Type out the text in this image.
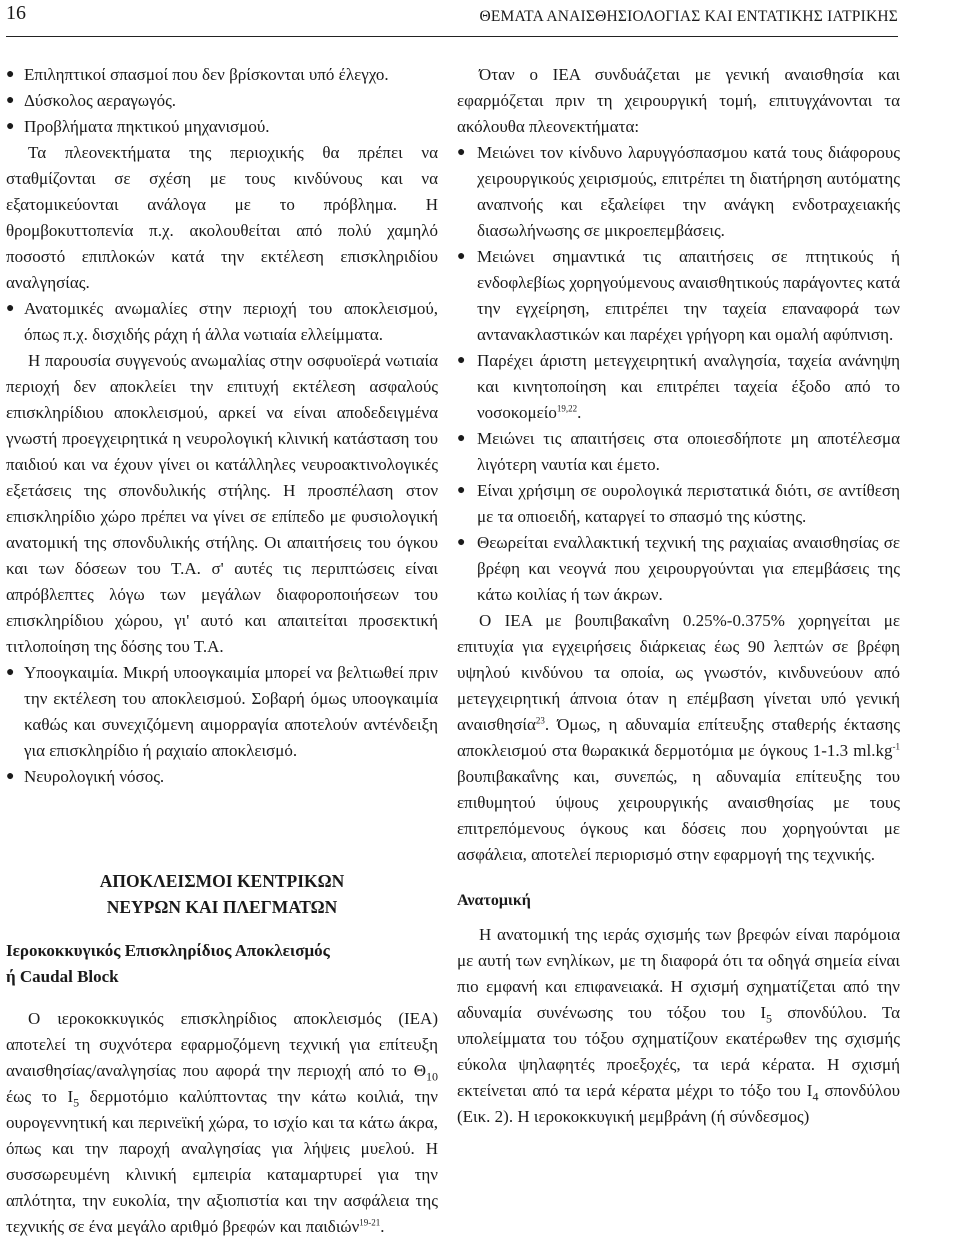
16	ΘΕΜΑΤΑ ΑΝΑΙΣΘΗΣΙΟΛΟΓΙΑΣ ΚΑΙ ΕΝΤΑΤΙΚΗΣ ΙΑΤΡΙΚΗΣ
● Επιληπτικοί σπασμοί που δεν βρίσκονται υπό έλεγχο.
● Δύσκολος αεραγωγός.
● Προβλήματα πηκτικού μηχανισμού.

Τα πλεονεκτήματα της περιοχικής θα πρέπει να σταθμίζονται σε σχέση με τους κινδύνους και να εξατομικεύονται ανάλογα με το πρόβλημα. Η θρομβοκυττοπενία π.χ. ακολουθείται από πολύ χαμηλό ποσοστό επιπλοκών κατά την εκτέλεση επισκληριδίου αναλγησίας.

● Ανατομικές ανωμαλίες στην περιοχή του αποκλεισμού, όπως π.χ. δισχιδής ράχη ή άλλα νωτιαία ελλείμματα.

Η παρουσία συγγενούς ανωμαλίας στην οσφυοϊερά νωτιαία περιοχή δεν αποκλείει την επιτυχή εκτέλεση ασφαλούς επισκληρίδιου αποκλεισμού, αρκεί να είναι αποδεδειγμένα γνωστή προεγχειρητικά η νευρολογική κλινική κατάσταση του παιδιού και να έχουν γίνει οι κατάλληλες νευροακτινολογικές εξετάσεις της σπονδυλικής στήλης. Η προσπέλαση στον επισκληρίδιο χώρο πρέπει να γίνει σε επίπεδο με φυσιολογική ανατομική της σπονδυλικής στήλης. Οι απαιτήσεις του όγκου και των δόσεων του Τ.Α. σ' αυτές τις περιπτώσεις είναι απρόβλεπτες λόγω των μεγάλων διαφοροποιήσεων του επισκληρίδιου χώρου, γι' αυτό και απαιτείται προσεκτική τιτλοποίηση της δόσης του Τ.Α.

● Υποογκαιμία. Μικρή υποογκαιμία μπορεί να βελτιωθεί πριν την εκτέλεση του αποκλεισμού. Σοβαρή όμως υποογκαιμία καθώς και συνεχιζόμενη αιμορραγία αποτελούν αντένδειξη για επισκληρίδιο ή ραχιαίο αποκλεισμό.
● Νευρολογική νόσος.
ΑΠΟΚΛΕΙΣΜΟΙ ΚΕΝΤΡΙΚΩΝ
ΝΕΥΡΩΝ ΚΑΙ ΠΛΕΓΜΑΤΩΝ
Ιεροκοκκυγικός Επισκληρίδιος Αποκλεισμός
ή Caudal Block

Ο ιεροκοκκυγικός επισκληρίδιος αποκλεισμός (ΙΕΑ) αποτελεί τη συχνότερα εφαρμοζόμενη τεχνική για επίτευξη αναισθησίας/αναλγησίας που αφορά την περιοχή από το $\Theta_{10}$ έως το $I_5$ δερμοτόμιο καλύπτοντας την κάτω κοιλιά, την ουρογεννητική και περινεϊκή χώρα, το ισχίο και τα κάτω άκρα, όπως και την παροχή αναλγησίας για λήψεις μυελού. Η συσσωρευμένη κλινική εμπειρία καταμαρτυρεί για την απλότητα, την ευκολία, την αξιοπιστία και την ασφάλεια της τεχνικής σε ένα μεγάλο αριθμό βρεφών και παιδιών$^{19-21}$.

Όταν ο ΙΕΑ συνδυάζεται με γενική αναισθησία και εφαρμόζεται πριν τη χειρουργική τομή, επιτυγχάνονται τα ακόλουθα πλεονεκτήματα:

● Μειώνει τον κίνδυνο λαρυγγόσπασμου κατά τους διάφορους χειρουργικούς χειρισμούς, επιτρέπει τη διατήρηση αυτόματης αναπνοής και εξαλείφει την ανάγκη ενδοτραχειακής διασωλήνωσης σε μικροεπεμβάσεις.
● Μειώνει σημαντικά τις απαιτήσεις σε πτητικούς ή ενδοφλεβίως χορηγούμενους αναισθητικούς παράγοντες κατά την εγχείρηση, επιτρέπει την ταχεία επαναφορά των αντανακλαστικών και παρέχει γρήγορη και ομαλή αφύπνιση.
● Παρέχει άριστη μετεγχειρητική αναλγησία, ταχεία ανάνηψη και κινητοποίηση και επιτρέπει ταχεία έξοδο από το νοσοκομείο$^{19,22}$.
● Μειώνει τις απαιτήσεις στα οποιεσδήποτε μη αποτέλεσμα λιγότερη ναυτία και έμετο.
● Είναι χρήσιμη σε ουρολογικά περιστατικά διότι, σε αντίθεση με τα οπιοειδή, καταργεί το σπασμό της κύστης.
● Θεωρείται εναλλακτική τεχνική της ραχιαίας αναισθησίας σε βρέφη και νεογνά που χειρουργούνται για επεμβάσεις της κάτω κοιλίας ή των άκρων.

Ο ΙΕΑ με βουπιβακαΐνη 0.25%-0.375% χορηγείται με επιτυχία για εγχειρήσεις διάρκειας έως 90 λεπτών σε βρέφη υψηλού κινδύνου τα οποία, ως γνωστόν, κινδυνεύουν από μετεγχειρητική άπνοια όταν η επέμβαση γίνεται υπό γενική αναισθησία$^{23}$. Όμως, η αδυναμία επίτευξης σταθερής έκτασης αποκλεισμού στα θωρακικά δερμοτόμια με όγκους 1-1.3 $ml.kg^{-1}$ βουπιβακαΐνης και, συνεπώς, η αδυναμία επίτευξης του επιθυμητού ύψους χειρουργικής αναισθησίας με τους επιτρεπόμενους όγκους και δόσεις που χορηγούνται με ασφάλεια, αποτελεί περιορισμό στην εφαρμογή της τεχνικής.

Ανατομική

Η ανατομική της ιεράς σχισμής των βρεφών είναι παρόμοια με αυτή των ενηλίκων, με τη διαφορά ότι τα οδηγά σημεία είναι πιο εμφανή και επιφανειακά. Η σχισμή σχηματίζεται από την αδυναμία συνένωσης του τόξου του $I_5$ σπονδύλου. Τα υπολείμματα του τόξου σχηματίζουν εκατέρωθεν της σχισμής εύκολα ψηλαφητές προεξοχές, τα ιερά κέρατα. Η σχισμή εκτείνεται από τα ιερά κέρατα μέχρι το τόξο του $I_4$ σπονδύλου (Εικ. 2). Η ιεροκοκκυγική μεμβράνη (ή σύνδεσμος)
